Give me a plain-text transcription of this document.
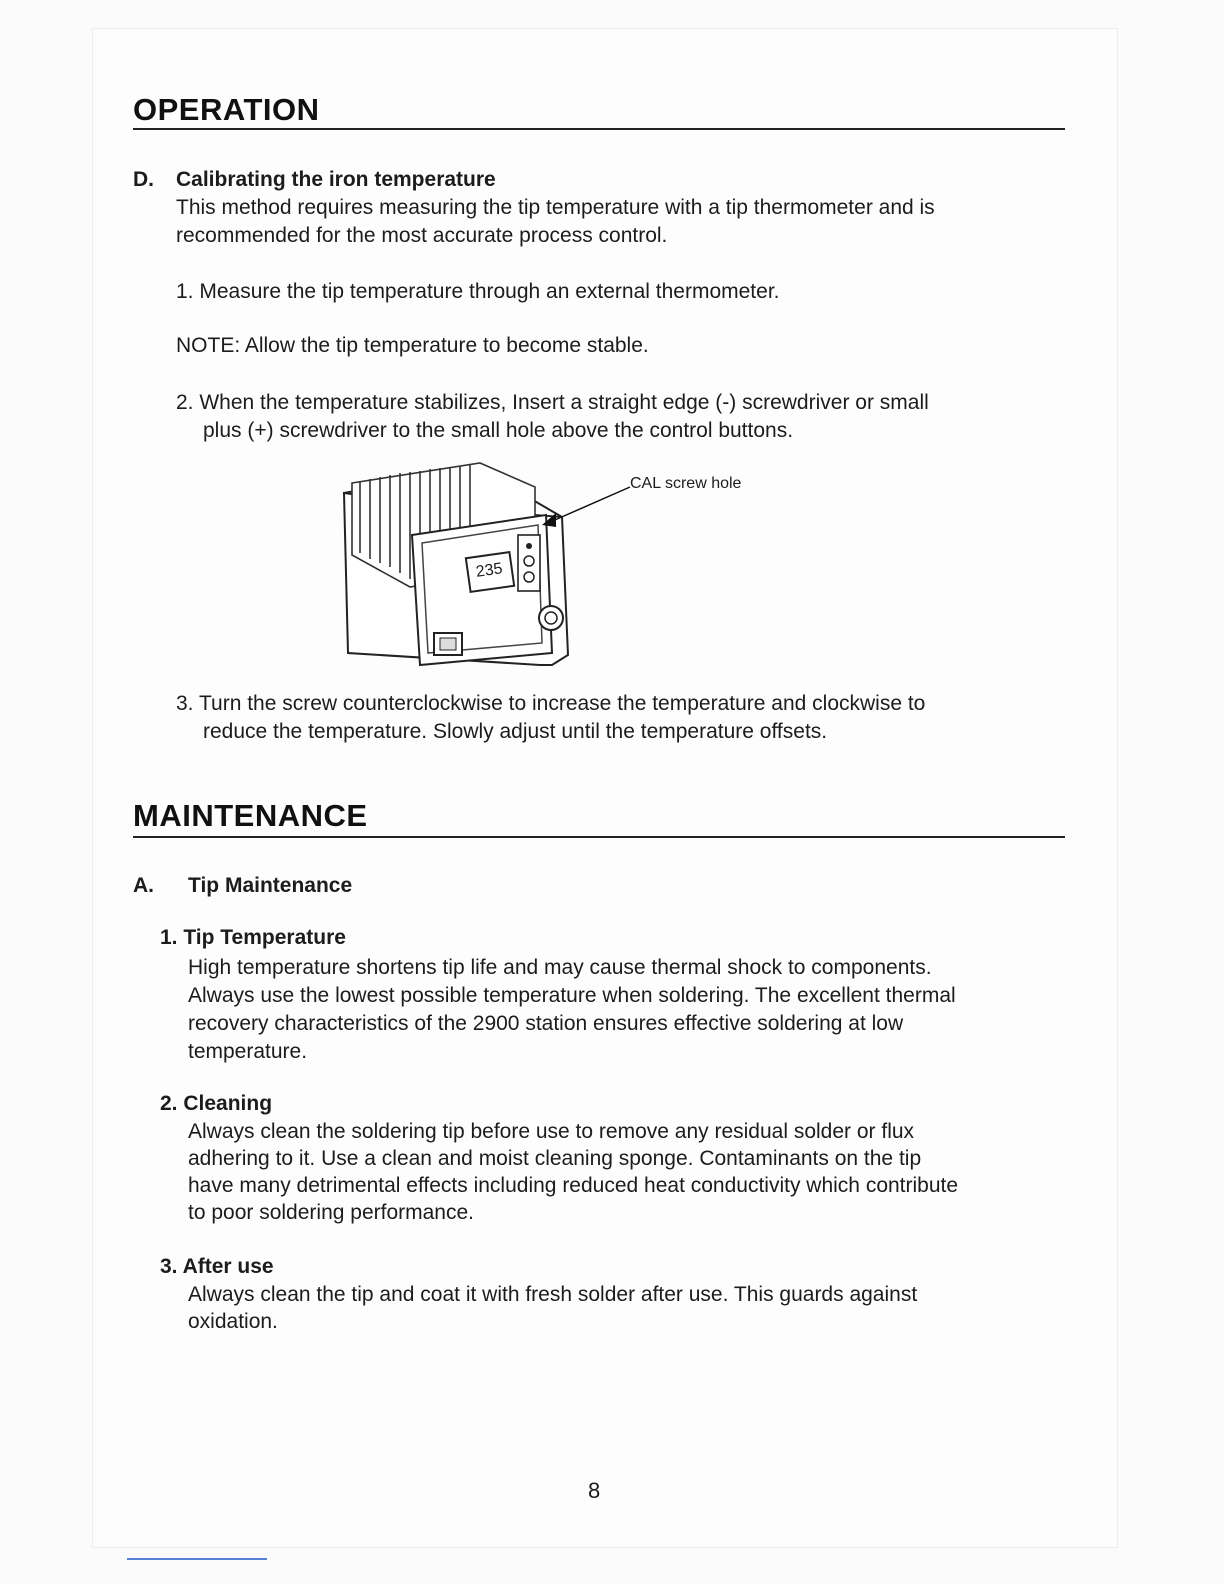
OPERATION
D. Calibrating the iron temperature
This method requires measuring the tip temperature with a tip thermometer and is
recommended for the most accurate process control.
1. Measure the tip temperature through an external thermometer.
NOTE: Allow the tip temperature to become stable.
2. When the temperature stabilizes, Insert a straight edge (-) screwdriver or small
plus (+) screwdriver to the small hole above the control buttons.
CAL screw hole
235
3. Turn the screw counterclockwise to increase the temperature and clockwise to
reduce the temperature. Slowly adjust until the temperature offsets.
MAINTENANCE
A. Tip Maintenance
1. Tip Temperature
High temperature shortens tip life and may cause thermal shock to components.
Always use the lowest possible temperature when soldering. The excellent thermal
recovery characteristics of the 2900 station ensures effective soldering at low
temperature.
2. Cleaning
Always clean the soldering tip before use to remove any residual solder or flux
adhering to it. Use a clean and moist cleaning sponge. Contaminants on the tip
have many detrimental effects including reduced heat conductivity which contribute
to poor soldering performance.
3. After use
Always clean the tip and coat it with fresh solder after use. This guards against
oxidation.
8
